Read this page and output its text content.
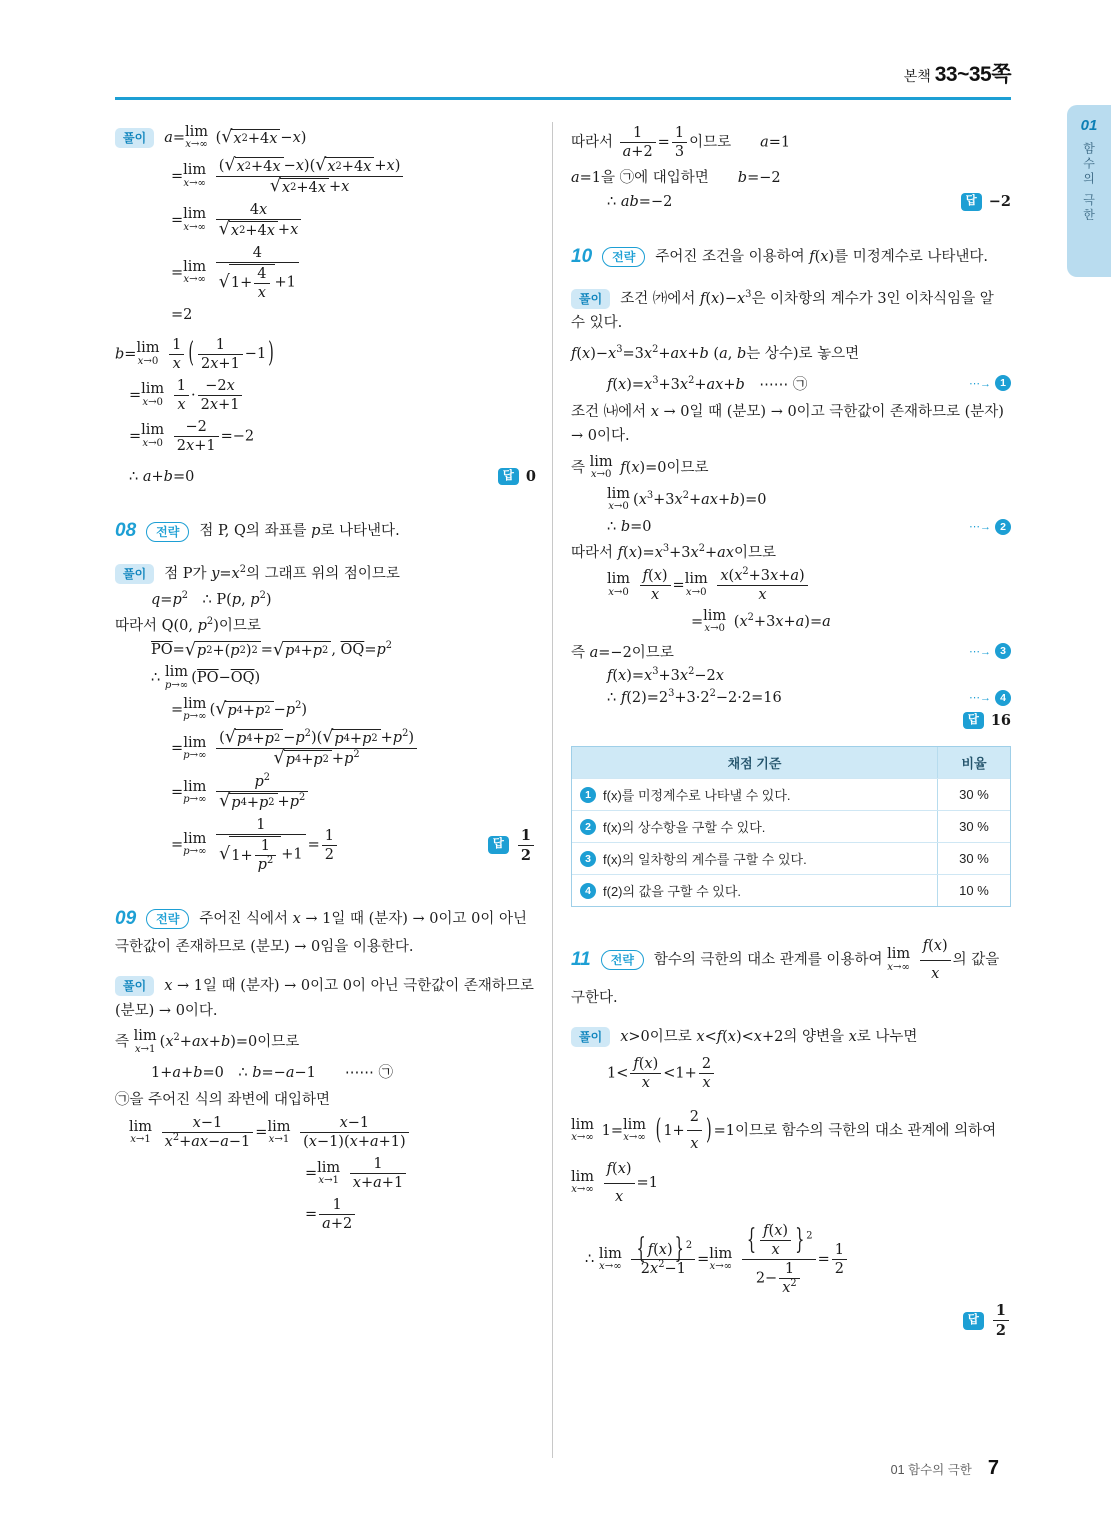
본책 33~35쪽
01
함수의 극한
풀이	a= lim
x→∞ ( √ x 2 +4 x −x)
= lim
x→∞
$\frac{( √ x 2 +4 x -x)( √ x 2 +4 x +x)}{√ x 2 +4 x +x}$
= lim
x→∞
$\frac{4x}{√ x 2 +4 x +x}$
= lim
x→∞
4
√ 1+
4
x
+1
=2
b= lim
x→0
$\frac{1}{x}$ (	1
2x+1
−1 )
= lim
x→0
$\frac{1}{x} \cdot \frac{-2x}{2x+1}$
= lim
x→0
$\frac{-2}{2x+1} =-2$
∴ a+b=0	답 0
08 전략 점 P, Q의 좌표를 p로 나타낸다.
풀이 점 P가 $y=x^2$의 그래프 위의 점이므로
$q=p^2$ ∴ P(p, $p^2$)
따라서 Q(0, $p^2$)이므로
$\overline{PO}=$ √ p 2 +( p 2 ) 2 = √ p 4 + p 2 , $\overline{OQ}=p^2$
∴ lim
p→∞ $(\overline{PO}-\overline{OQ})$
= lim
p→∞ ( √ p 4 + p $2 -p^2$)
= lim
p→∞
$\frac{( √ p 4 + p 2 -p^2)( √ p 4 + p 2 +p^2)}{√ p 4 + p 2 +p^2}$
= lim
p→∞
$\frac{p^2}{√ p 4 + p 2 +p^2}$
= lim
p→∞
1
√ 1+
1
$p^2 +1 = \frac{1}{2}$	답 $\frac{1}{2}$
09 전략 주어진 식에서 x → 1일 때 (분자) → 0이고 0이 아닌 극한값이 존재하므로 (분모) → 0임을 이용한다.
풀이 x → 1일 때 (분자) → 0이고 0이 아닌 극한값이 존재하므로 (분모) → 0이다.
즉 lim
x→1 $(x^2+ax+b)=0$이므로
1+a+b=0 ∴ b=−a−1  ⋯⋯ ㉠
㉠을 주어진 식의 좌변에 대입하면
lim
x→1
$\frac{x-1}{x^2+ax-a-1} = \lim$
x→1
$\frac{x-1}{(x-1)(x+a+1)}$
= lim
x→1
$\frac{1}{x+a+1}$
= $\frac{1}{a+2}$
따라서 $\frac{1}{a+2} = \frac{1}{3}$ 이므로  a=1
a=1을 ㉠에 대입하면  b=−2
∴ ab=−2	답 −2
10 전략 주어진 조건을 이용하여 f(x)를 미정계수로 나타낸다.
풀이 조건 ㈎에서 $f(x)-x^3$은 이차항의 계수가 3인 이차식임을 알 수 있다.
$f(x)-x^3=3x^2+ax+b$ (a, b는 상수)로 놓으면
$f(x)=x^3+3x^2+ax+b$ ⋯⋯ ㉠	⋯→ 1
조건 ㈏에서 x → 0일 때 (분모) → 0이고 극한값이 존재하므로 (분자) → 0이다.
즉 lim
x→0 f(x)=0이므로
lim
x→0 $(x^3+3x^2+ax+b)=0$
∴ b=0	⋯→ 2
따라서 $f(x)=x^3+3x^2+ax$이므로
lim
x→0
$\frac{f(x)}{x} = \lim$
x→0
$\frac{x(x^2+3x+a)}{x}$
= lim
x→0 $(x^2+3x+a)=a$
즉 a=−2이므로	⋯→ 3
$f(x)=x^3+3x^2-2x$
∴ $f(2)=2^3+3\cdot 2^2-2\cdot 2=16$	⋯→ 4
답 16
채점 기준	비율
1 f(x)를 미정계수로 나타낼 수 있다.	30 %
2 f(x)의 상수항을 구할 수 있다.	30 %
3 f(x)의 일차항의 계수를 구할 수 있다.	30 %
4 f(2)의 값을 구할 수 있다.	10 %
11 전략 함수의 극한의 대소 관계를 이용하여 lim
x→∞
$\frac{f(x)}{x}$ 의 값을 구한다.
풀이 x>0이므로 x<f(x)<x+2의 양변을 x로 나누면
$1< \frac{f(x)}{x} <1+ \frac{2}{x}$
lim
x→∞ 1= lim
x→∞
( 1+
2
x ) =1이므로 함수의 극한의 대소 관계에 의하여 
lim
x→∞
$\frac{f(x)}{x} =1$
∴ lim
x→∞
$\frac{\{ f ( x ) \} ^2}{2x^2-1} = \lim$
x→∞
{ f(x)
x	} $^2$
$2- \frac{1}{x^2} = \frac{1}{2}$
답 $\frac{1}{2}$
01 함수의 극한 7
